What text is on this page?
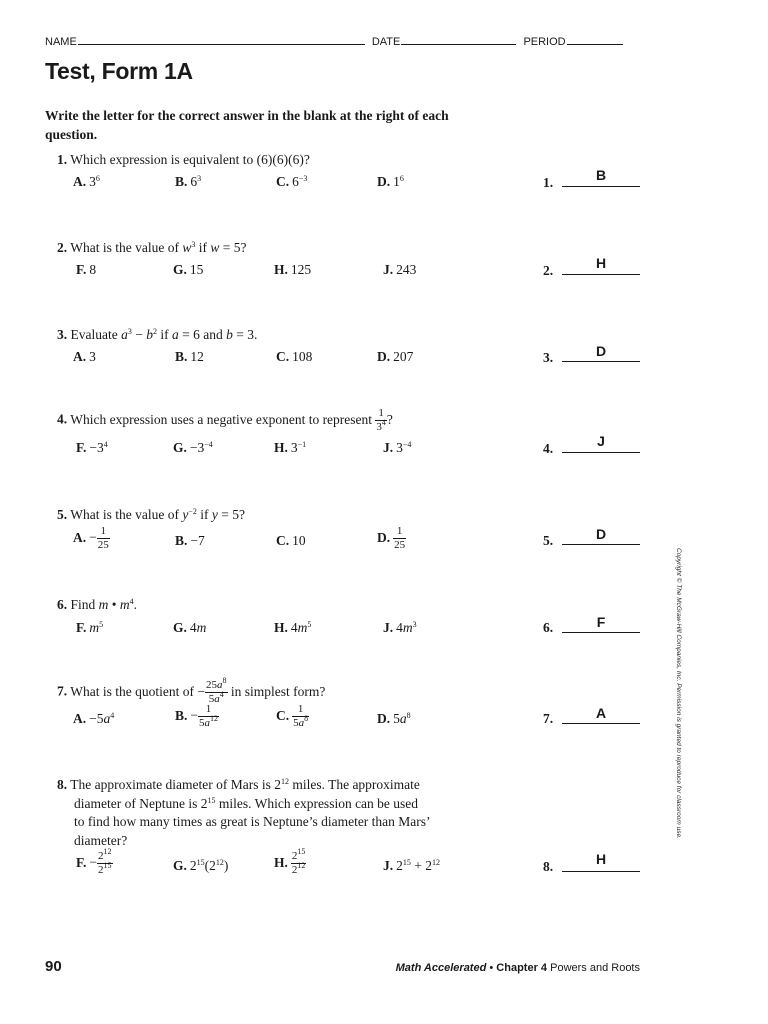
NAME	DATE	PERIOD
Test, Form 1A
Write the letter for the correct answer in the blank at the right of each question.
1. Which expression is equivalent to (6)(6)(6)?
A. $3^6$	B. $6^3$	C. $6^{-3}$	D. $1^6$	1.	B
2. What is the value of $w^3$ if w = 5?
F. 8	G. 15	H. 125	J. 243	2.	H
3. Evaluate $a^3 - b^2$ if a = 6 and b = 3.
A. 3	B. 12	C. 108	D. 207	3.	D
4. Which expression uses a negative exponent to represent $\frac{1}{3^4}$ ?
F. $-3^4$	G. $-3^{-4}$	H. $3^{-1}$	J. $3^{-4}$	4.	J
5. What is the value of $y^{-2}$ if y = 5?
A. − $\frac{1}{25}$	B. −7	C. 10	D. $\frac{1}{25}$	5.	D
6. Find m • $m^4$.
F. $m^5$	G. 4m	H. $4m^5$	J. $4m^3$	6.	F
7. What is the quotient of − $\frac{25a^8}{5a^4}$ in simplest form?
A. $-5a^4$	B. − $\frac{1}{5a^{12}}$	C. $\frac{1}{5a^8}$	D. $5a^8$	7.	A
8. The approximate diameter of Mars is $2^{12}$ miles. The approximate
diameter of Neptune is $2^{15}$ miles. Which expression can be used
to find how many times as great is Neptune’s diameter than Mars’
diameter?
F. − $\frac{2^{12}}{2^{15}}$	G. $2^{15}(2^{12})$	H. $\frac{2^{15}}{2^{12}}$	J. $2^{15} + 2^{12}$	8.	H
Copyright © The McGraw-Hill Companies, Inc. Permission is granted to reproduce for classroom use.
90	Math Accelerated • Chapter 4 Powers and Roots
